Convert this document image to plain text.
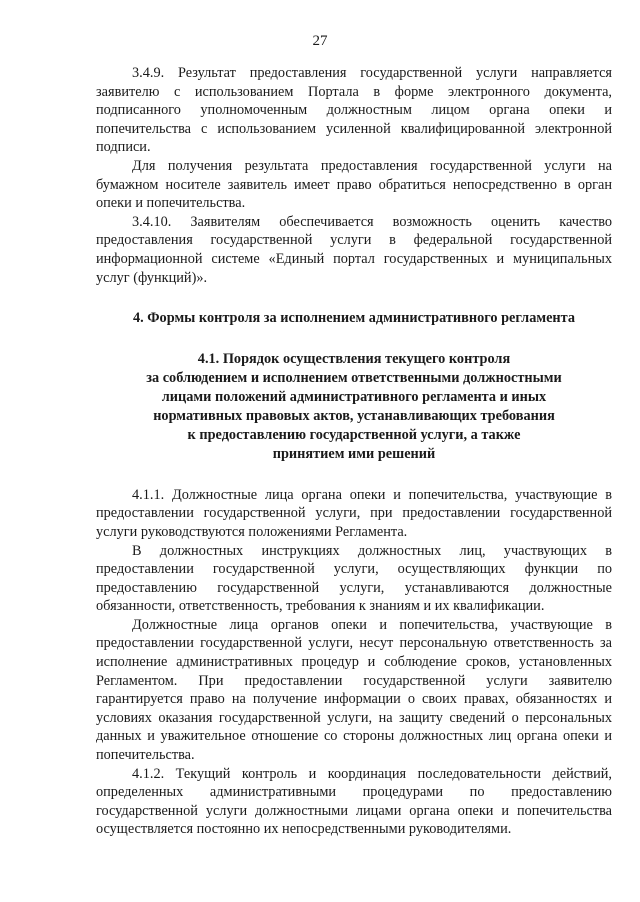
27

3.4.9. Результат предоставления государственной услуги направляется заявителю с использованием Портала в форме электронного документа, подписанного уполномоченным должностным лицом органа опеки и попечительства с использованием усиленной квалифицированной электронной подписи.

Для получения результата предоставления государственной услуги на бумажном носителе заявитель имеет право обратиться непосредственно в орган опеки и попечительства.

3.4.10. Заявителям обеспечивается возможность оценить качество предоставления государственной услуги в федеральной государственной информационной системе «Единый портал государственных и муниципальных услуг (функций)».

4. Формы контроля за исполнением административного регламента

4.1. Порядок осуществления текущего контроля
за соблюдением и исполнением ответственными должностными
лицами положений административного регламента и иных
нормативных правовых актов, устанавливающих требования
к предоставлению государственной услуги, а также
принятием ими решений

4.1.1. Должностные лица органа опеки и попечительства, участвующие в предоставлении государственной услуги, при предоставлении государственной услуги руководствуются положениями Регламента.

В должностных инструкциях должностных лиц, участвующих в предоставлении государственной услуги, осуществляющих функции по предоставлению государственной услуги, устанавливаются должностные обязанности, ответственность, требования к знаниям и их квалификации.

Должностные лица органов опеки и попечительства, участвующие в предоставлении государственной услуги, несут персональную ответственность за исполнение административных процедур и соблюдение сроков, установленных Регламентом. При предоставлении государственной услуги заявителю гарантируется право на получение информации о своих правах, обязанностях и условиях оказания государственной услуги, на защиту сведений о персональных данных и уважительное отношение со стороны должностных лиц органа опеки и попечительства.

4.1.2. Текущий контроль и координация последовательности действий, определенных административными процедурами по предоставлению государственной услуги должностными лицами органа опеки и попечительства осуществляется постоянно их непосредственными руководителями.
